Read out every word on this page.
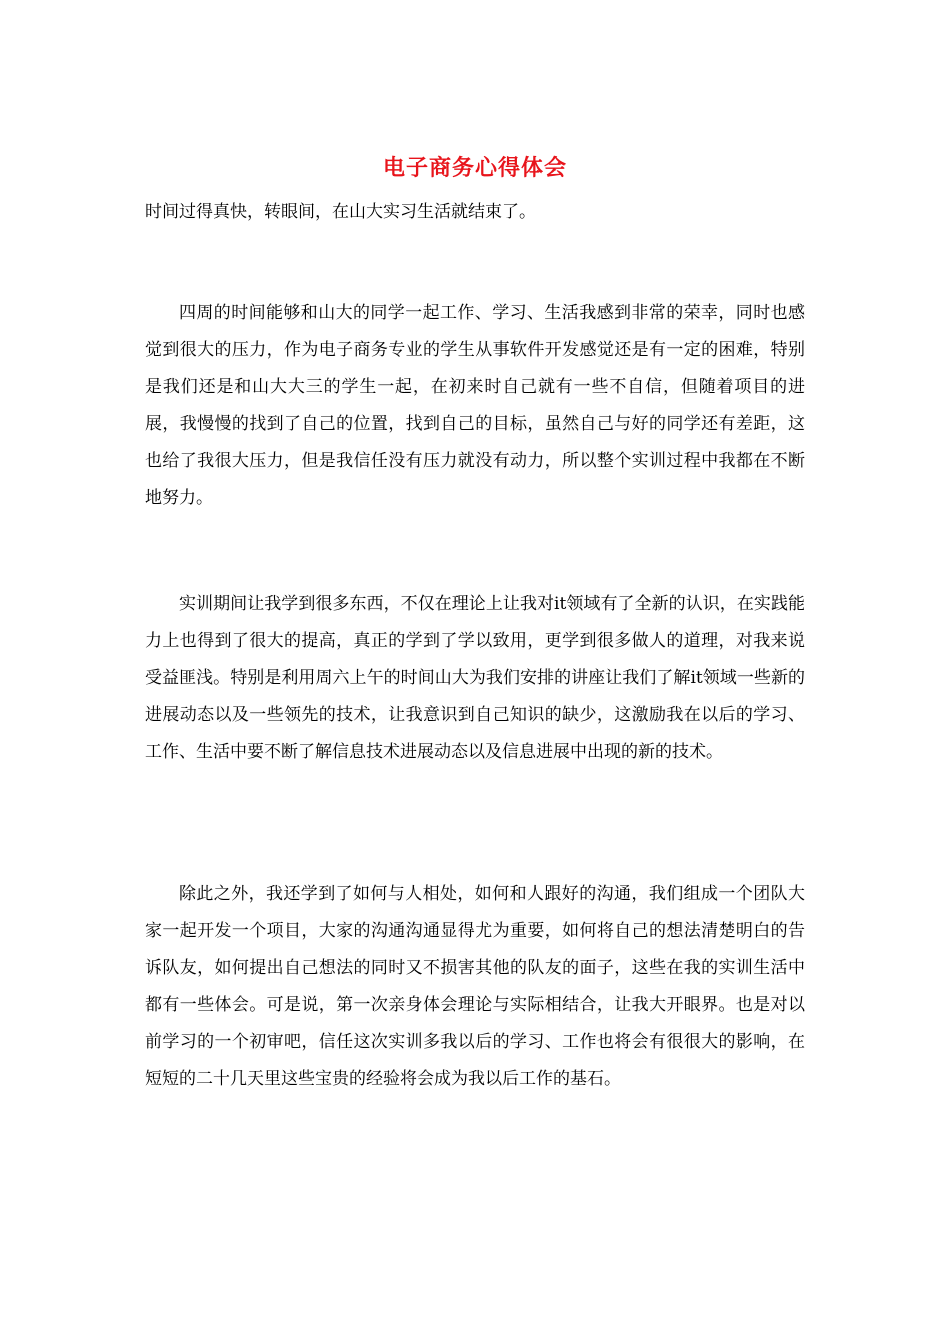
电子商务心得体会

时间过得真快，转眼间，在山大实习生活就结束了。

四周的时间能够和山大的同学一起工作、学习、生活我感到非常的荣幸，同时也感觉到很大的压力，作为电子商务专业的学生从事软件开发感觉还是有一定的困难，特别是我们还是和山大大三的学生一起，在初来时自己就有一些不自信，但随着项目的进展，我慢慢的找到了自己的位置，找到自己的目标，虽然自己与好的同学还有差距，这也给了我很大压力，但是我信任没有压力就没有动力，所以整个实训过程中我都在不断地努力。

实训期间让我学到很多东西，不仅在理论上让我对it领域有了全新的认识，在实践能力上也得到了很大的提高，真正的学到了学以致用，更学到很多做人的道理，对我来说受益匪浅。特别是利用周六上午的时间山大为我们安排的讲座让我们了解it领域一些新的进展动态以及一些领先的技术，让我意识到自己知识的缺少，这激励我在以后的学习、工作、生活中要不断了解信息技术进展动态以及信息进展中出现的新的技术。

除此之外，我还学到了如何与人相处，如何和人跟好的沟通，我们组成一个团队大家一起开发一个项目，大家的沟通沟通显得尤为重要，如何将自己的想法清楚明白的告诉队友，如何提出自己想法的同时又不损害其他的队友的面子，这些在我的实训生活中都有一些体会。可是说，第一次亲身体会理论与实际相结合，让我大开眼界。也是对以前学习的一个初审吧，信任这次实训多我以后的学习、工作也将会有很很大的影响，在短短的二十几天里这些宝贵的经验将会成为我以后工作的基石。
